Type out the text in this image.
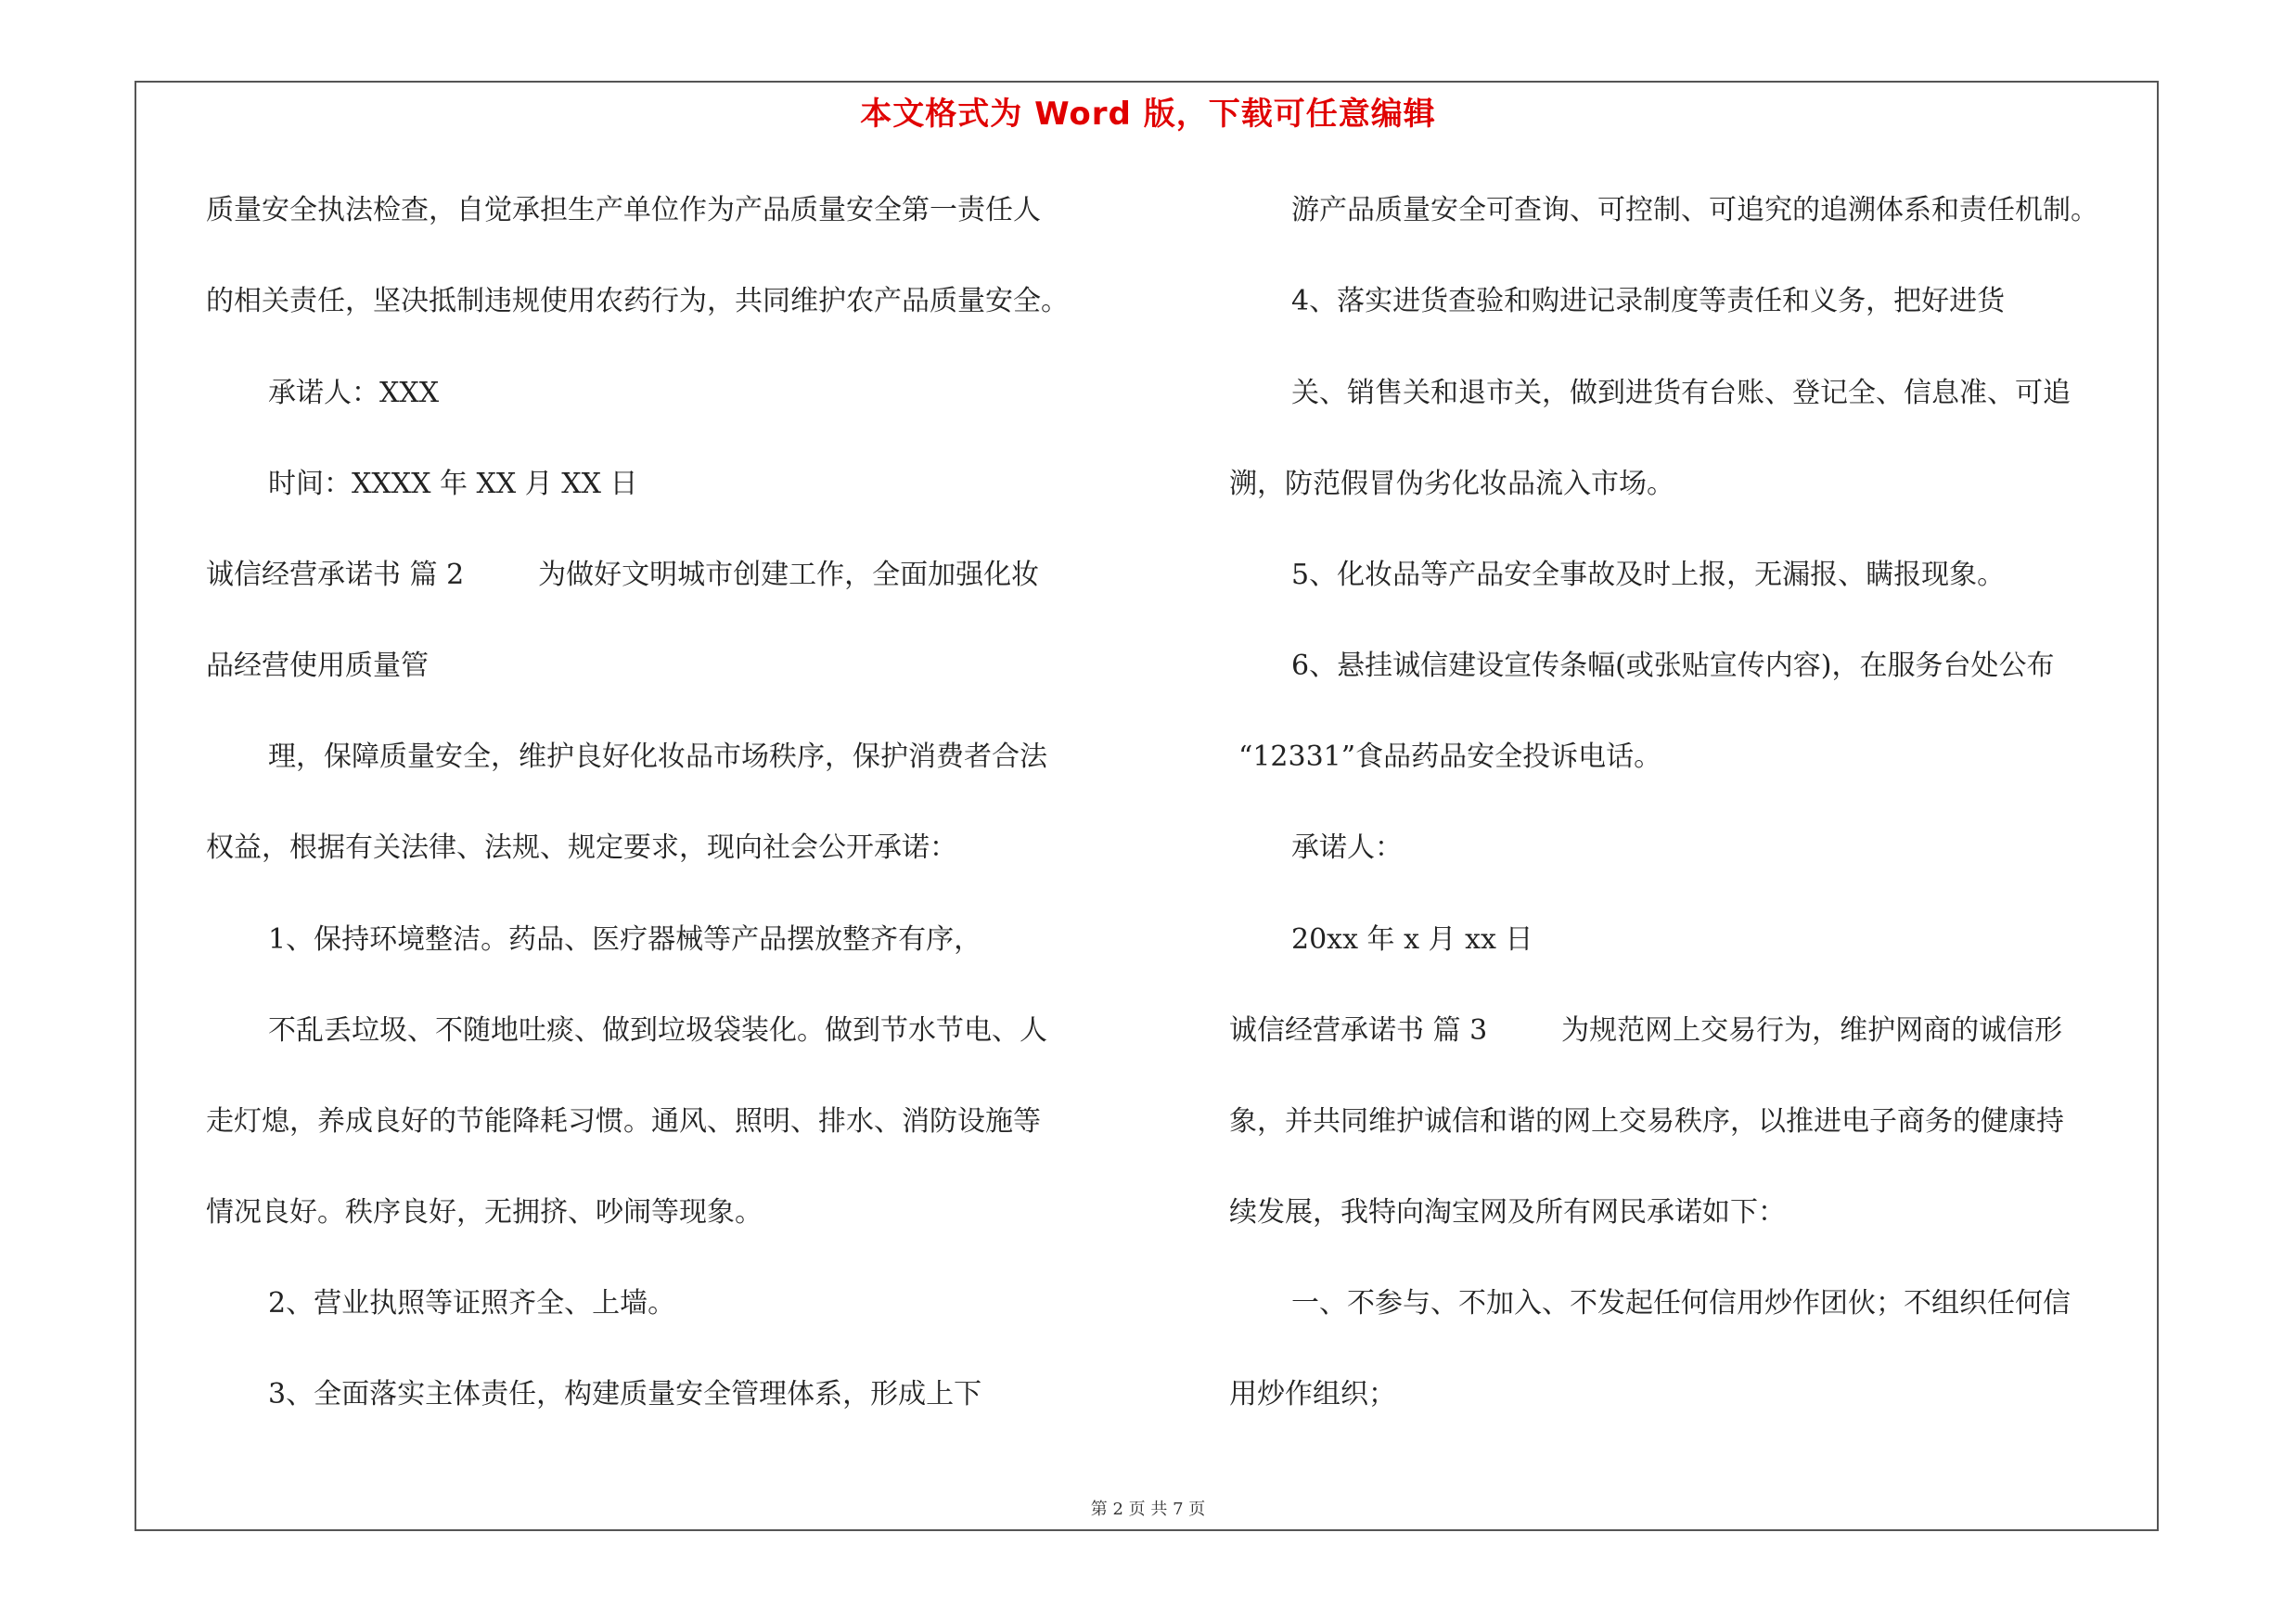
本文格式为 Word 版，下载可任意编辑
质量安全执法检查，自觉承担生产单位作为产品质量安全第一责任人
的相关责任，坚决抵制违规使用农药行为，共同维护农产品质量安全。
承诺人：XXX
时间：XXXX 年 XX 月 XX 日
诚信经营承诺书 篇 2	为做好文明城市创建工作，全面加强化妆
品经营使用质量管
理，保障质量安全，维护良好化妆品市场秩序，保护消费者合法
权益，根据有关法律、法规、规定要求，现向社会公开承诺：
1、保持环境整洁。药品、医疗器械等产品摆放整齐有序，
不乱丢垃圾、不随地吐痰、做到垃圾袋装化。做到节水节电、人
走灯熄，养成良好的节能降耗习惯。通风、照明、排水、消防设施等
情况良好。秩序良好，无拥挤、吵闹等现象。
2、营业执照等证照齐全、上墙。
3、全面落实主体责任，构建质量安全管理体系，形成上下
游产品质量安全可查询、可控制、可追究的追溯体系和责任机制。
4、落实进货查验和购进记录制度等责任和义务，把好进货
关、销售关和退市关，做到进货有台账、登记全、信息准、可追
溯，防范假冒伪劣化妆品流入市场。
5、化妆品等产品安全事故及时上报，无漏报、瞒报现象。
6、悬挂诚信建设宣传条幅(或张贴宣传内容)，在服务台处公布
“12331”食品药品安全投诉电话。
承诺人：
20xx 年 x 月 xx 日
诚信经营承诺书 篇 3	为规范网上交易行为，维护网商的诚信形
象，并共同维护诚信和谐的网上交易秩序，以推进电子商务的健康持
续发展，我特向淘宝网及所有网民承诺如下：
一、不参与、不加入、不发起任何信用炒作团伙；不组织任何信
用炒作组织；
第 2 页 共 7 页
